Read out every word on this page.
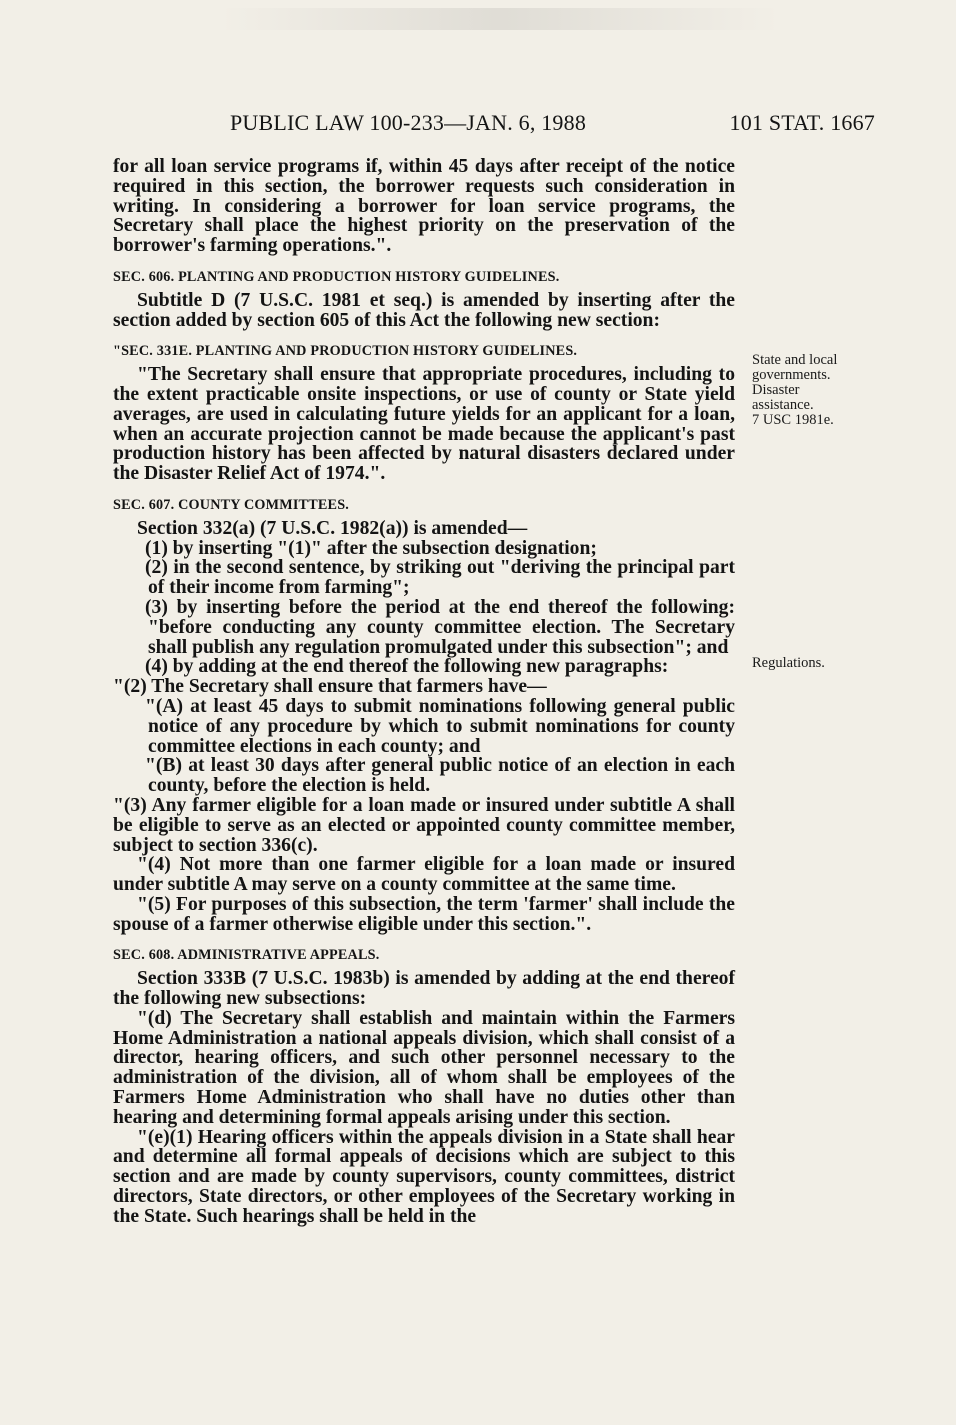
PUBLIC LAW 100-233—JAN. 6, 1988	101 STAT. 1667

for all loan service programs if, within 45 days after receipt of the notice required in this section, the borrower requests such consideration in writing. In considering a borrower for loan service programs, the Secretary shall place the highest priority on the preservation of the borrower's farming operations.".

SEC. 606. PLANTING AND PRODUCTION HISTORY GUIDELINES.

Subtitle D (7 U.S.C. 1981 et seq.) is amended by inserting after the section added by section 605 of this Act the following new section:

"SEC. 331E. PLANTING AND PRODUCTION HISTORY GUIDELINES.

"The Secretary shall ensure that appropriate procedures, including to the extent practicable onsite inspections, or use of county or State yield averages, are used in calculating future yields for an applicant for a loan, when an accurate projection cannot be made because the applicant's past production history has been affected by natural disasters declared under the Disaster Relief Act of 1974.".

SEC. 607. COUNTY COMMITTEES.

Section 332(a) (7 U.S.C. 1982(a)) is amended—

(1) by inserting "(1)" after the subsection designation;

(2) in the second sentence, by striking out "deriving the principal part of their income from farming";

(3) by inserting before the period at the end thereof the following: "before conducting any county committee election. The Secretary shall publish any regulation promulgated under this subsection"; and

(4) by adding at the end thereof the following new paragraphs:

"(2) The Secretary shall ensure that farmers have—

"(A) at least 45 days to submit nominations following general public notice of any procedure by which to submit nominations for county committee elections in each county; and

"(B) at least 30 days after general public notice of an election in each county, before the election is held.

"(3) Any farmer eligible for a loan made or insured under subtitle A shall be eligible to serve as an elected or appointed county committee member, subject to section 336(c).

"(4) Not more than one farmer eligible for a loan made or insured under subtitle A may serve on a county committee at the same time.

"(5) For purposes of this subsection, the term 'farmer' shall include the spouse of a farmer otherwise eligible under this section.".

SEC. 608. ADMINISTRATIVE APPEALS.

Section 333B (7 U.S.C. 1983b) is amended by adding at the end thereof the following new subsections:

"(d) The Secretary shall establish and maintain within the Farmers Home Administration a national appeals division, which shall consist of a director, hearing officers, and such other personnel necessary to the administration of the division, all of whom shall be employees of the Farmers Home Administration who shall have no duties other than hearing and determining formal appeals arising under this section.

"(e)(1) Hearing officers within the appeals division in a State shall hear and determine all formal appeals of decisions which are subject to this section and are made by county supervisors, county committees, district directors, State directors, or other employees of the Secretary working in the State. Such hearings shall be held in the

State and local
governments.
Disaster
assistance.
7 USC 1981e.
Regulations.
